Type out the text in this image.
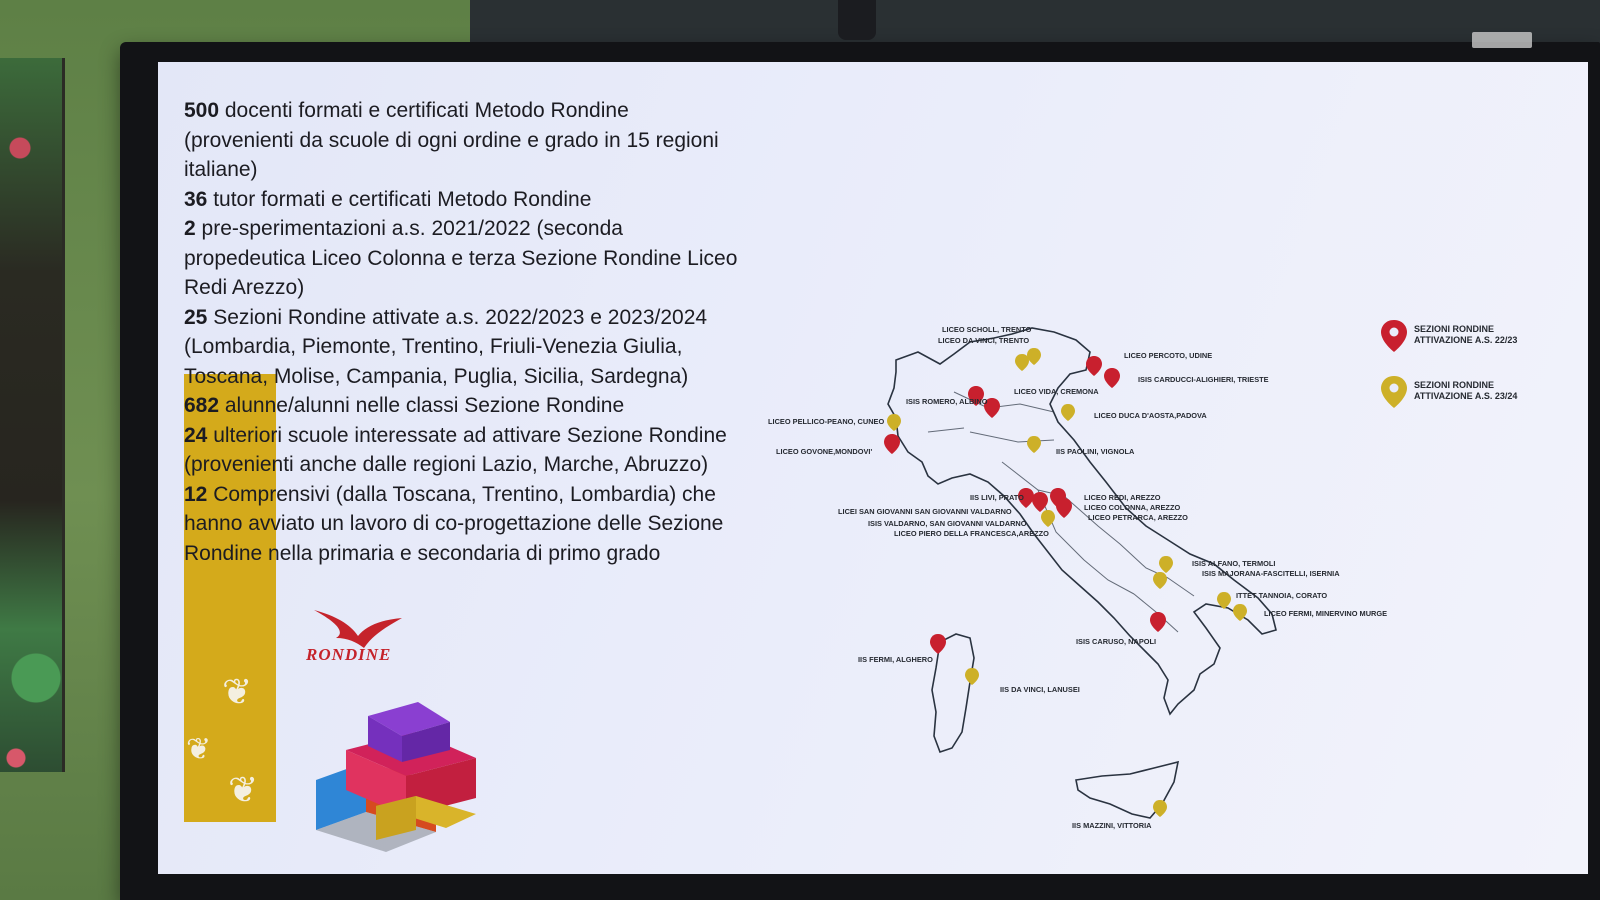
❦
❦
❦

500 docenti formati e certificati Metodo Rondine

(provenienti da scuole di ogni ordine e grado in 15 regioni

italiane)

36 tutor formati e certificati Metodo Rondine

2 pre-sperimentazioni a.s. 2021/2022 (seconda

propedeutica Liceo Colonna e terza Sezione Rondine Liceo

Redi Arezzo)

25 Sezioni Rondine attivate a.s. 2022/2023 e 2023/2024

(Lombardia, Piemonte, Trentino, Friuli-Venezia Giulia,

Toscana, Molise, Campania, Puglia, Sicilia, Sardegna)

682 alunne/alunni nelle classi Sezione Rondine

24 ulteriori scuole interessate ad attivare Sezione Rondine

(provenienti anche dalle regioni Lazio, Marche, Abruzzo)

12 Comprensivi (dalla Toscana, Trentino, Lombardia) che

hanno avviato un lavoro di co-progettazione delle Sezione

Rondine nella primaria e secondaria di primo grado

RONDINE
LICEO SCHOLL, TRENTO
LICEO DA VINCI, TRENTO
LICEO PERCOTO, UDINE
ISIS CARDUCCI-ALIGHIERI, TRIESTE
ISIS ROMERO, ALBINO
LICEO VIDA, CREMONA
LICEO PELLICO-PEANO, CUNEO
LICEO DUCA D'AOSTA,PADOVA
LICEO GOVONE,MONDOVI'	IIS PAOLINI, VIGNOLA
IIS LIVI, PRATO	LICEO REDI, AREZZO
LICEO COLONNA, AREZZO
LICEI SAN GIOVANNI SAN GIOVANNI VALDARNO
LICEO PETRARCA, AREZZO
ISIS VALDARNO, SAN GIOVANNI VALDARNO
LICEO PIERO DELLA FRANCESCA,AREZZO
ISIS ALFANO, TERMOLI
ISIS MAJORANA-FASCITELLI, ISERNIA
ITTET TANNOIA, CORATO
LICEO FERMI, MINERVINO MURGE
ISIS CARUSO, NAPOLI
IIS FERMI, ALGHERO
IIS DA VINCI, LANUSEI
IIS MAZZINI, VITTORIA
SEZIONI RONDINE
ATTIVAZIONE A.S. 22/23
SEZIONI RONDINE
ATTIVAZIONE A.S. 23/24
